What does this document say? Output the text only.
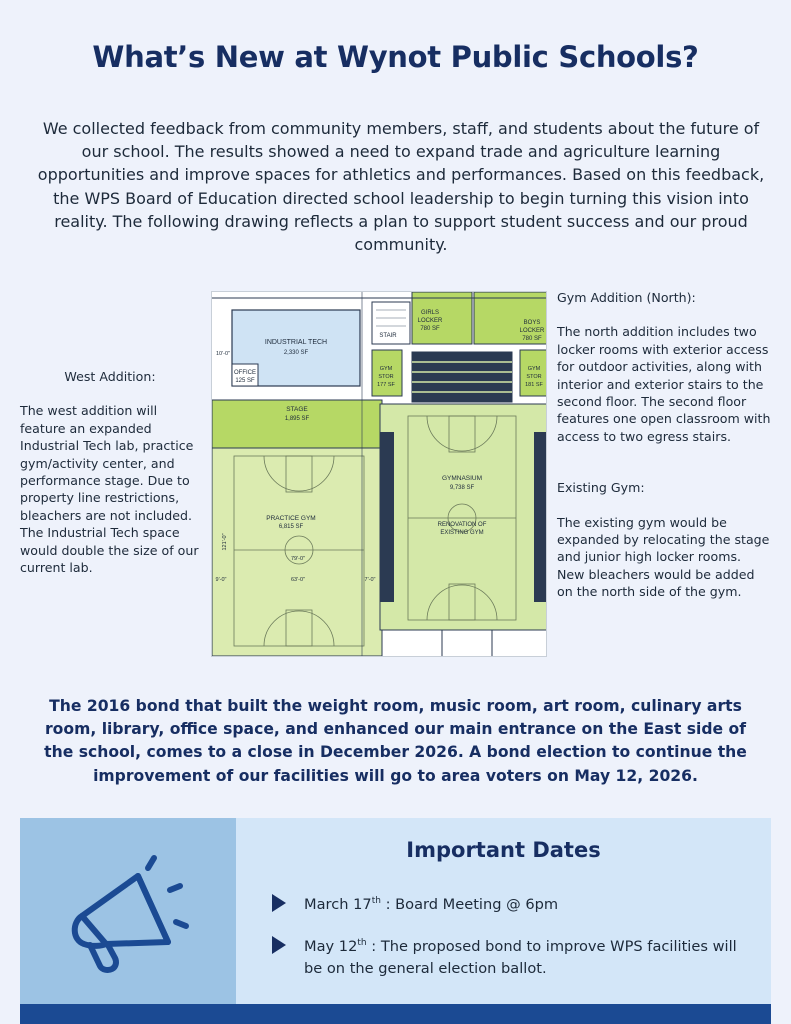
What’s New at Wynot Public Schools?

We collected feedback from community members, staff, and students about the future of our school. The results showed a need to expand trade and agriculture learning opportunities and improve spaces for athletics and performances. Based on this feedback, the WPS Board of Education directed school leadership to begin turning this vision into reality. The following drawing reflects a plan to support student success and our proud community.

West Addition:

The west addition will feature an expanded Industrial Tech lab, practice gym/activity center, and performance stage. Due to property line restrictions, bleachers are not included. The Industrial Tech space would double the size of our current lab.

INDUSTRIAL TECH
2,330 SF
OFFICE
125 SF
STAGE
1,895 SF
PRACTICE GYM
6,815 SF
GYMNASIUM
9,738 SF
RENOVATION OF
EXISTING GYM
GIRLS
LOCKER
780 SF
BOYS
LOCKER
780 SF
STAIR
GYM
STOR
177 SF
GYM
STOR
181 SF
10'-0"
79'-0"
63'-0"
9'-0"	7'-0"
121'-0"

Gym Addition (North):

The north addition includes two locker rooms with exterior access for outdoor activities, along with interior and exterior stairs to the second floor. The second floor features one open classroom with access to two egress stairs.

Existing Gym:

The existing gym would be expanded by relocating the stage and junior high locker rooms. New bleachers would be added on the north side of the gym.

The 2016 bond that built the weight room, music room, art room, culinary arts room, library, office space, and enhanced our main entrance on the East side of the school, comes to a close in December 2026. A bond election to continue the improvement of our facilities will go to area voters on May 12, 2026.

Important Dates
March 17th : Board Meeting @ 6pm
May 12th : The proposed bond to improve WPS facilities will be on the general election ballot.
